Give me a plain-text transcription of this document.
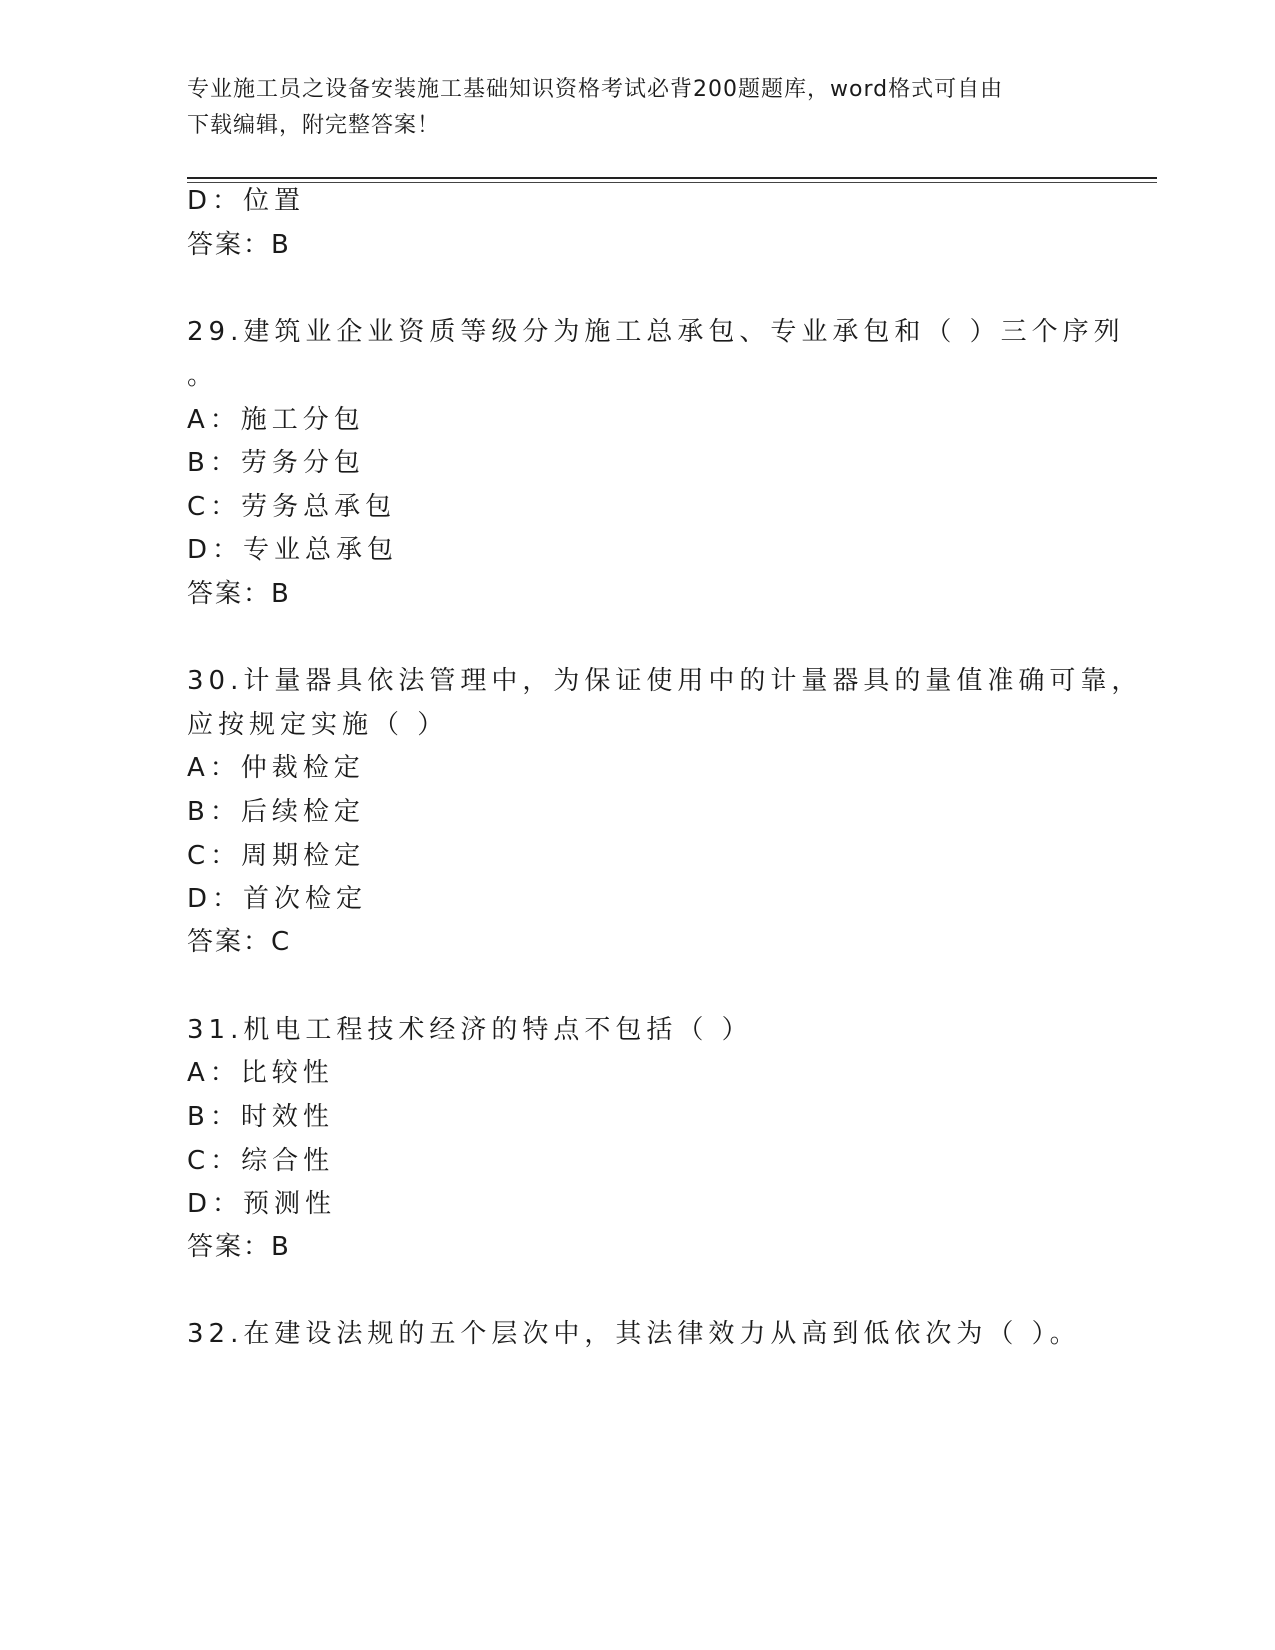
专业施工员之设备安装施工基础知识资格考试必背200题题库，word格式可自由
下载编辑，附完整答案！
D：位置
答案：B
29.建筑业企业资质等级分为施工总承包、专业承包和（ ）三个序列
。
A：施工分包
B：劳务分包
C：劳务总承包
D：专业总承包
答案：B
30.计量器具依法管理中，为保证使用中的计量器具的量值准确可靠，
应按规定实施（ ）
A：仲裁检定
B：后续检定
C：周期检定
D：首次检定
答案：C
31.机电工程技术经济的特点不包括（ ）
A：比较性
B：时效性
C：综合性
D：预测性
答案：B
32.在建设法规的五个层次中，其法律效力从高到低依次为（ ）。
